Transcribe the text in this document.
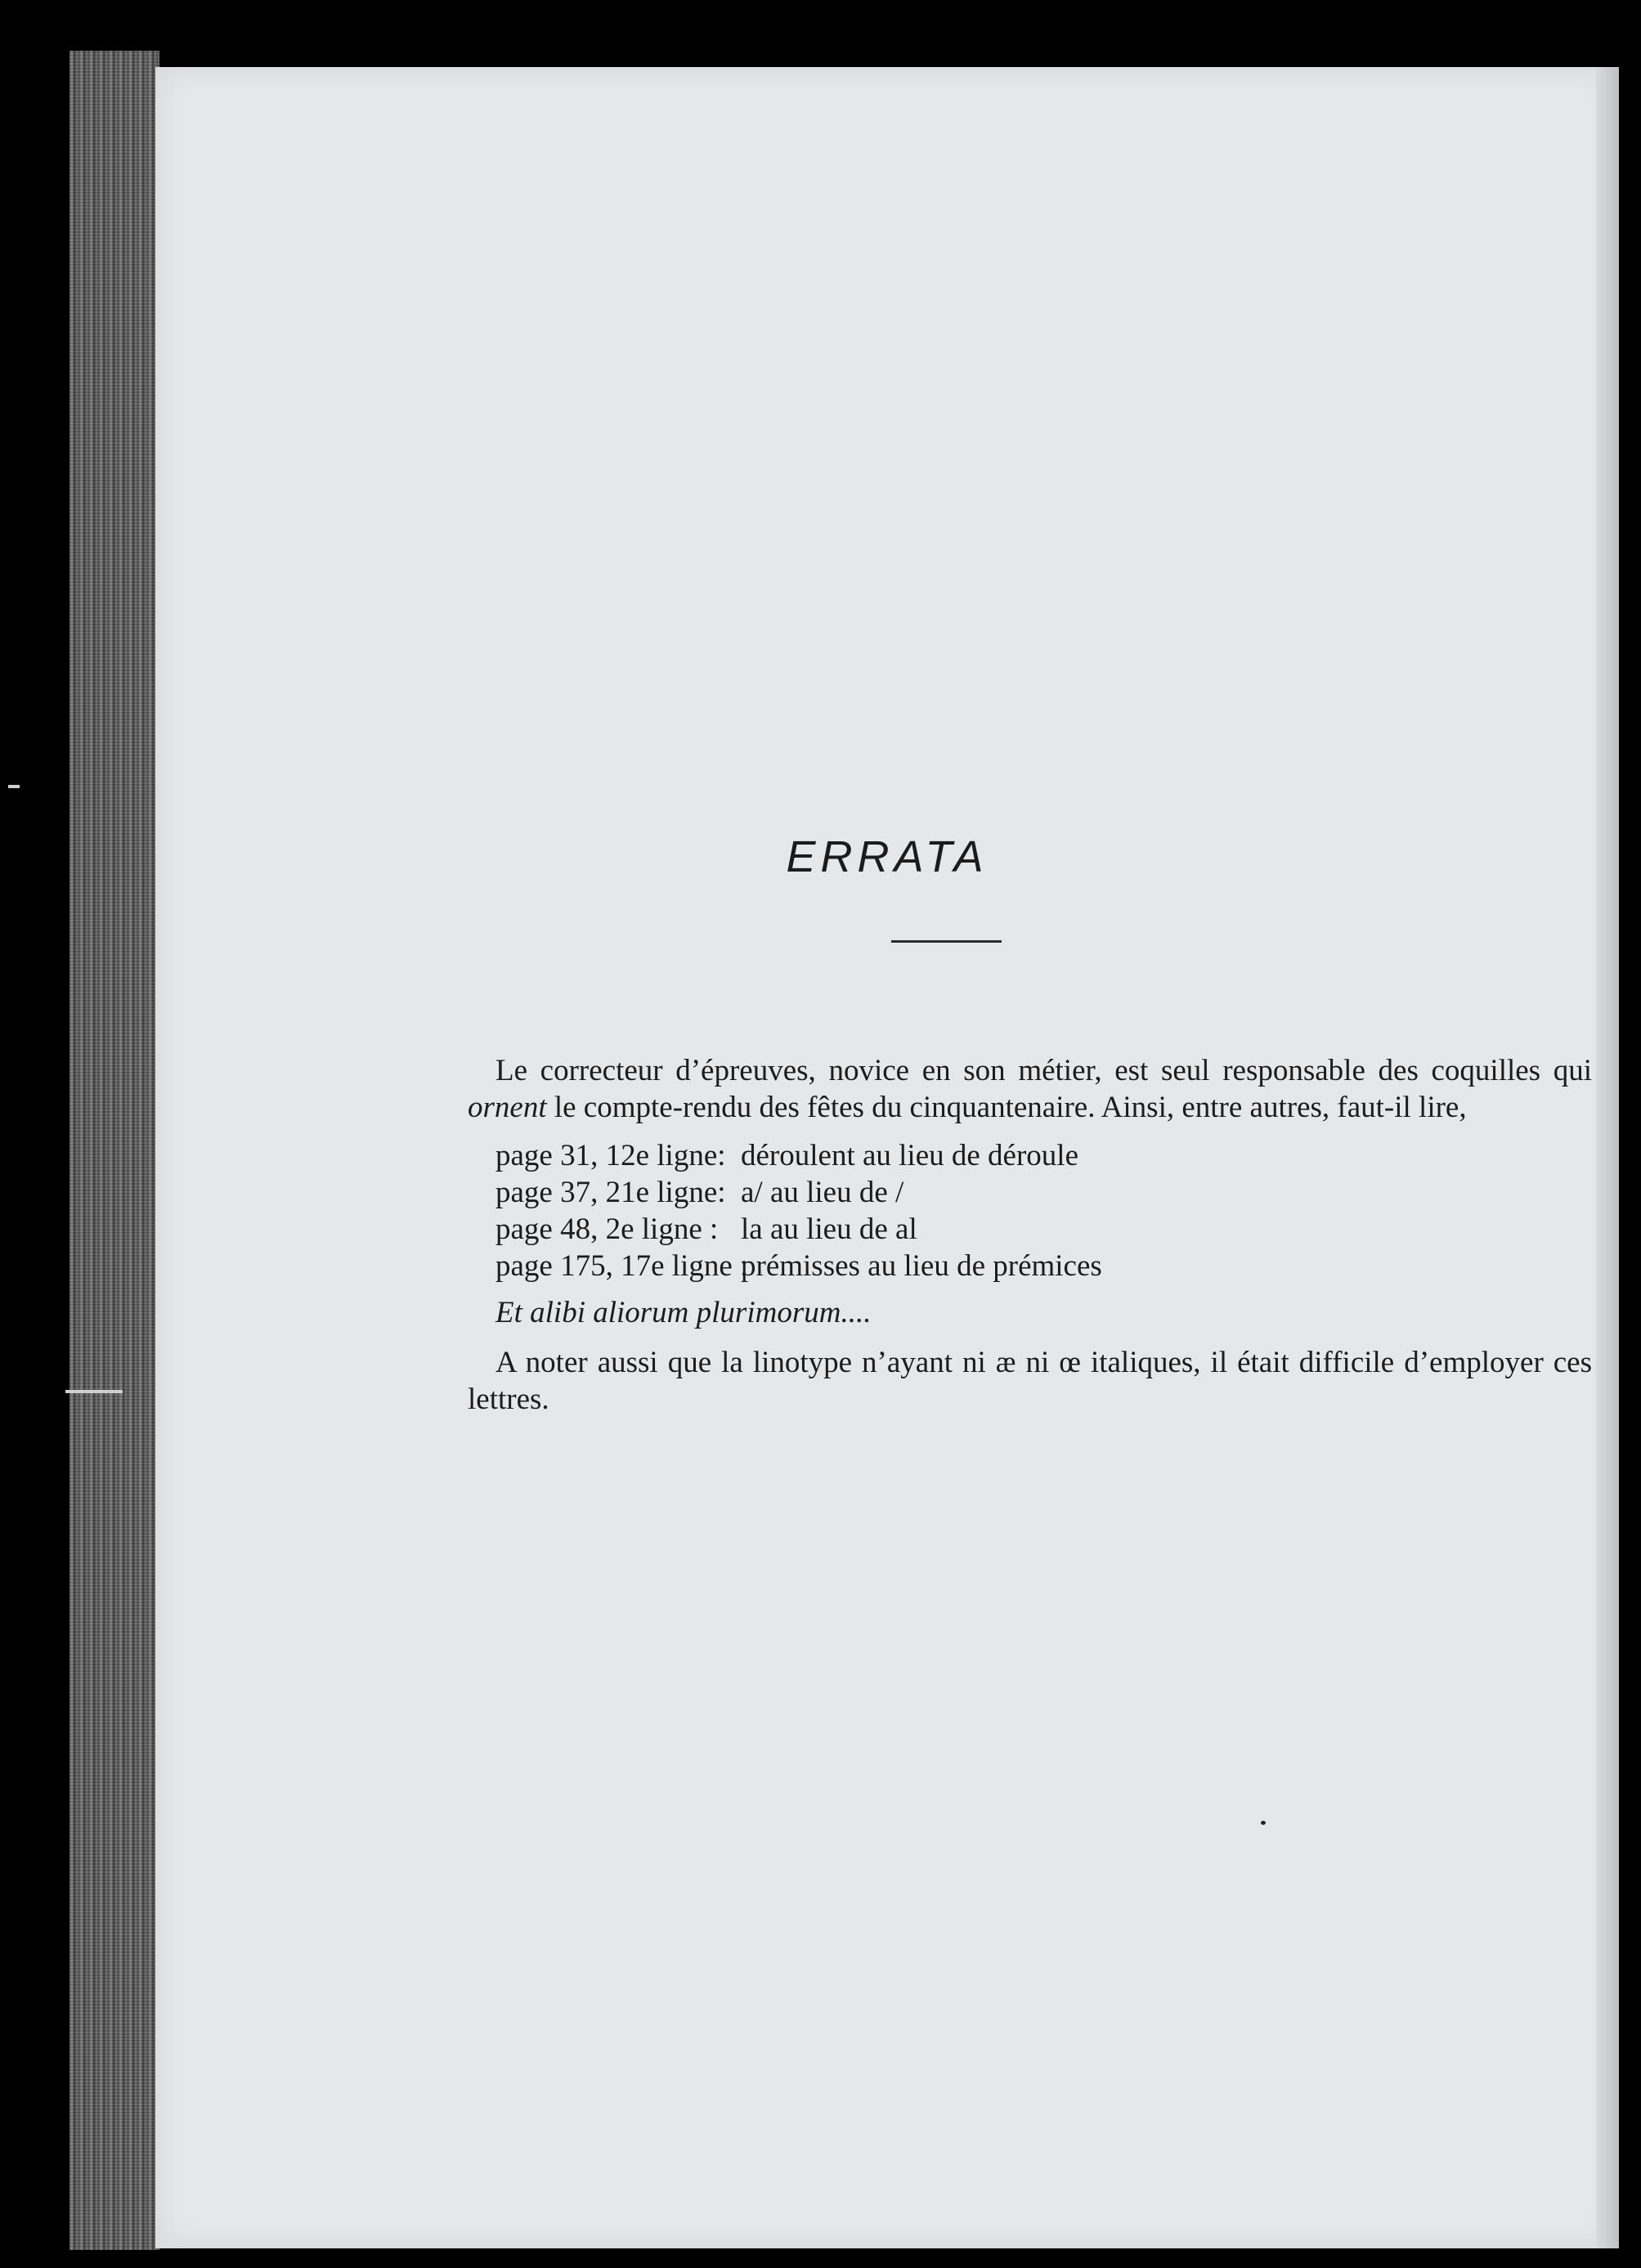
ERRATA

Le correcteur d’épreuves, novice en son métier, est seul responsable des coquilles qui ornent le compte-rendu des fêtes du cinquantenaire. Ainsi, entre autres, faut-il lire,

page 31, 12e ligne: déroulent au lieu de déroule
page 37, 21e ligne: a/ au lieu de /
page 48, 2e ligne : la au lieu de al
page 175, 17e ligne :prémisses au lieu de prémices

Et alibi aliorum plurimorum....

A noter aussi que la linotype n’ayant ni æ ni œ italiques, il était difficile d’employer ces lettres.
